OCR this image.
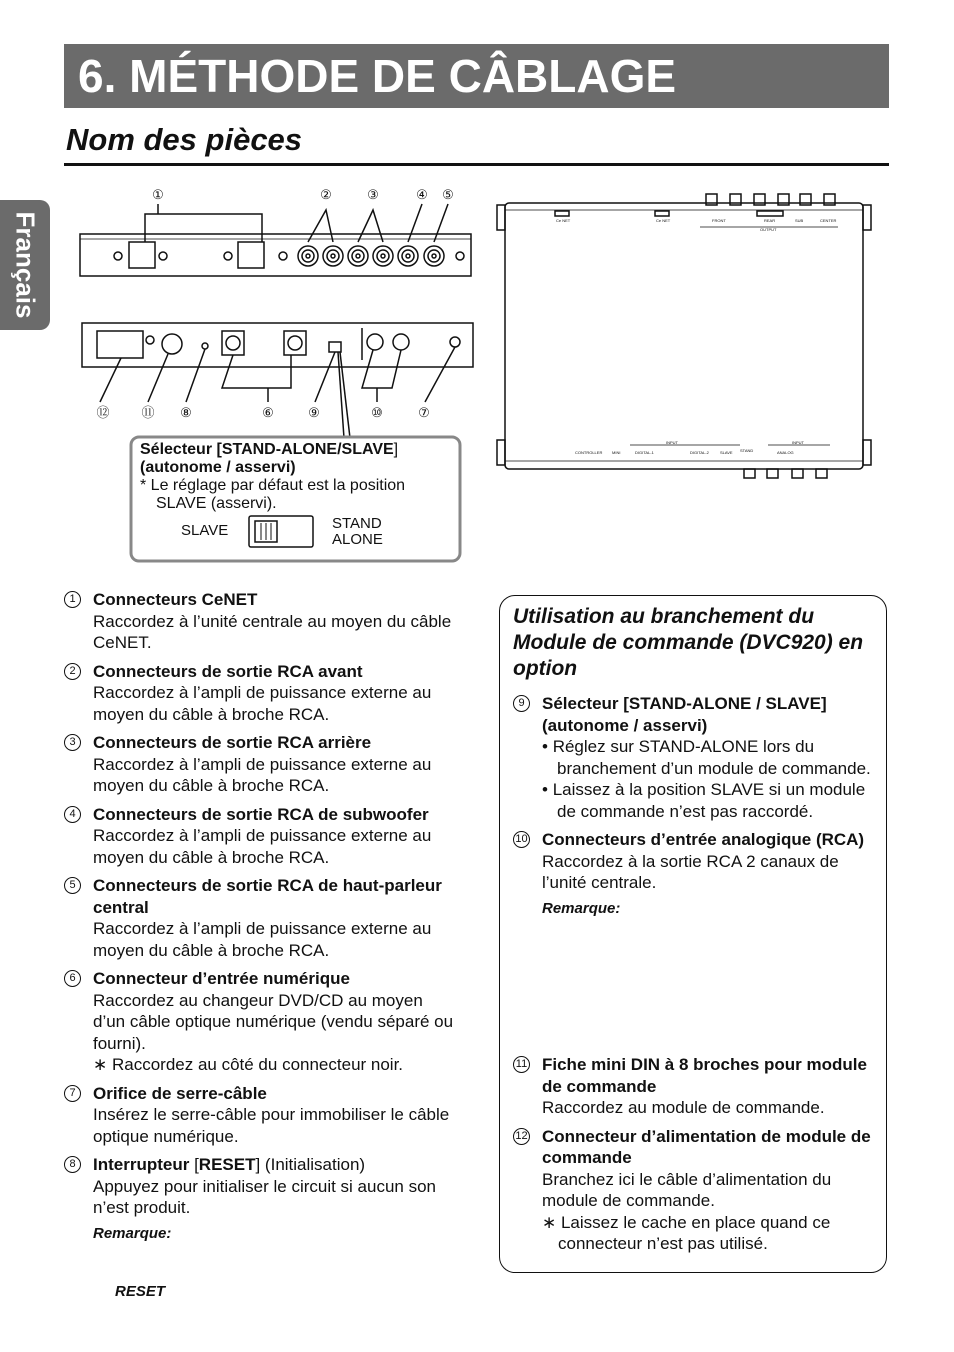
6. MÉTHODE DE CÂBLAGE
Nom des pièces
Français
①	②	③	④ ⑤
⑫ ⑪ ⑧	⑥	⑨	⑩	⑦
Ce NET	Ce NET	FRONT	REAR	SUB	CENTER
OUTPUT
CONTROLLER MINI	DIGITAL-1	DIGITAL-2	SLAVE STAND	ANALOG
INPUT	INPUT
Sélecteur [STAND-ALONE/SLAVE]
(autonome / asservi)
* Le réglage par défaut est la position SLAVE (asservi).
SLAVE	STAND
ALONE
1	Connecteurs CeNET
Raccordez à l’unité centrale au moyen du câble CeNET.
2	Connecteurs de sortie RCA avant
Raccordez à l’ampli de puissance externe au moyen du câble à broche RCA.
3	Connecteurs de sortie RCA arrière
Raccordez à l’ampli de puissance externe au moyen du câble à broche RCA.
4	Connecteurs de sortie RCA de subwoofer
Raccordez à l’ampli de puissance externe au moyen du câble à broche RCA.
5	Connecteurs de sortie RCA de haut-parleur central
Raccordez à l’ampli de puissance externe au moyen du câble à broche RCA.
6	Connecteur d’entrée numérique
Raccordez au changeur DVD/CD au moyen d’un câble optique numérique (vendu séparé ou fourni).
∗ Raccordez au côté du connecteur noir.
7	Orifice de serre-câble
Insérez le serre-câble pour immobiliser le câble optique numérique.
8	Interrupteur [RESET] (Initialisation)
Appuyez pour initialiser le circuit si aucun son n’est produit.
Remarque:
RESET
Utilisation au branchement du Module de commande (DVC920) en option
9	Sélecteur [STAND-ALONE / SLAVE] (autonome / asservi)
• Réglez sur STAND-ALONE lors du branchement d’un module de commande.
• Laissez à la position SLAVE si un module de commande n’est pas raccordé.
10 Connecteurs d’entrée analogique (RCA)
Raccordez à la sortie RCA 2 canaux de l’unité centrale.
Remarque:
11 Fiche mini DIN à 8 broches pour module de commande
Raccordez au module de commande.
12 Connecteur d’alimentation de module de commande
Branchez ici le câble d’alimentation du module de commande.
∗ Laissez le cache en place quand ce connecteur n’est pas utilisé.
